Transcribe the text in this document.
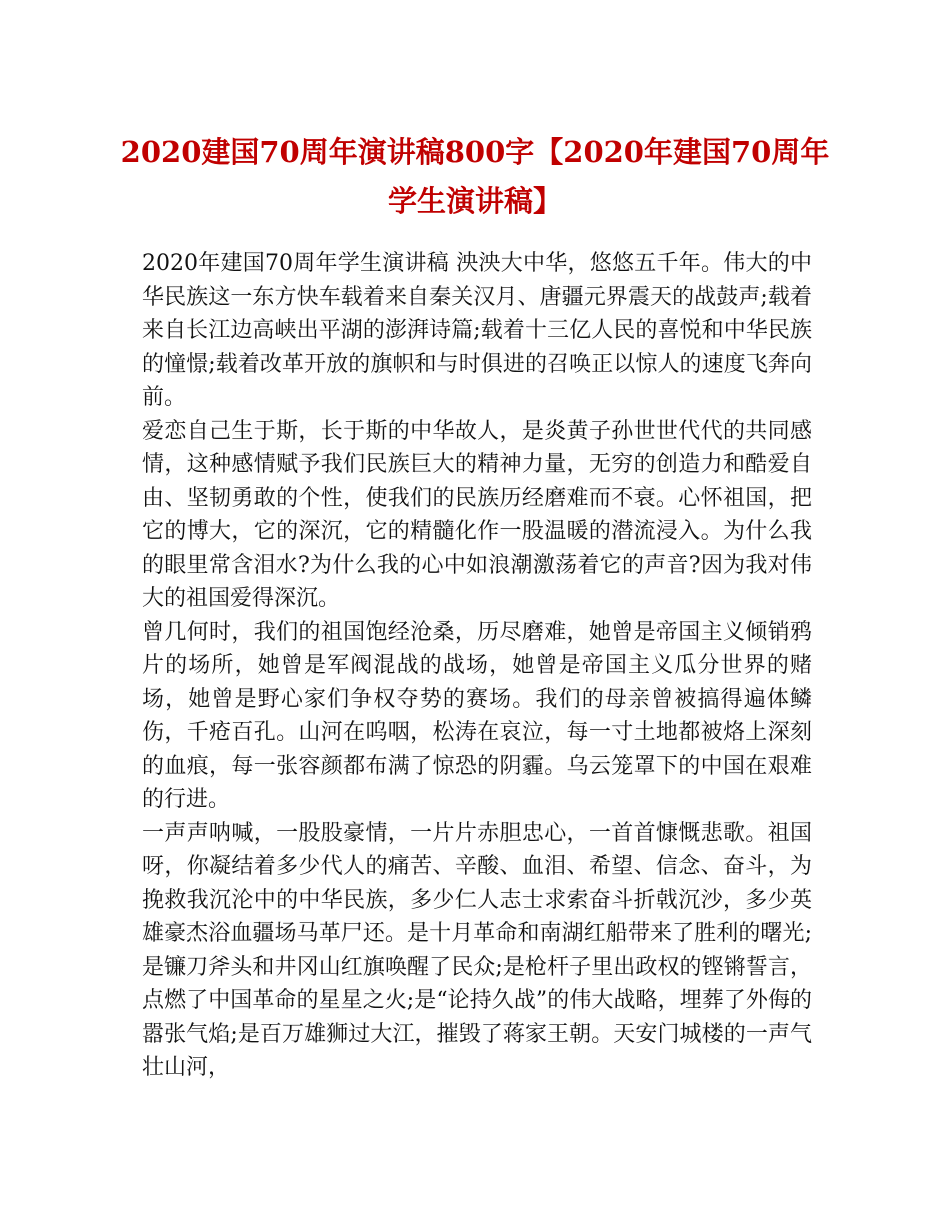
2020建国70周年演讲稿800字【2020年建国70周年学生演讲稿】

2020年建国70周年学生演讲稿 泱泱大中华，悠悠五千年。伟大的中华民族这一东方快车载着来自秦关汉月、唐疆元界震天的战鼓声;载着来自长江边高峡出平湖的澎湃诗篇;载着十三亿人民的喜悦和中华民族的憧憬;载着改革开放的旗帜和与时俱进的召唤正以惊人的速度飞奔向前。

爱恋自己生于斯，长于斯的中华故人，是炎黄子孙世世代代的共同感情，这种感情赋予我们民族巨大的精神力量，无穷的创造力和酷爱自由、坚韧勇敢的个性，使我们的民族历经磨难而不衰。心怀祖国，把它的博大，它的深沉，它的精髓化作一股温暖的潜流浸入。为什么我的眼里常含泪水?为什么我的心中如浪潮激荡着它的声音?因为我对伟大的祖国爱得深沉。

曾几何时，我们的祖国饱经沧桑，历尽磨难，她曾是帝国主义倾销鸦片的场所，她曾是军阀混战的战场，她曾是帝国主义瓜分世界的赌场，她曾是野心家们争权夺势的赛场。我们的母亲曾被搞得遍体鳞伤，千疮百孔。山河在呜咽，松涛在哀泣，每一寸土地都被烙上深刻的血痕，每一张容颜都布满了惊恐的阴霾。乌云笼罩下的中国在艰难的行进。

一声声呐喊，一股股豪情，一片片赤胆忠心，一首首慷慨悲歌。祖国呀，你凝结着多少代人的痛苦、辛酸、血泪、希望、信念、奋斗，为挽救我沉沦中的中华民族，多少仁人志士求索奋斗折戟沉沙，多少英雄豪杰浴血疆场马革尸还。是十月革命和南湖红船带来了胜利的曙光;是镰刀斧头和井冈山红旗唤醒了民众;是枪杆子里出政权的铿锵誓言，点燃了中国革命的星星之火;是“论持久战”的伟大战略，埋葬了外侮的嚣张气焰;是百万雄狮过大江，摧毁了蒋家王朝。天安门城楼的一声气壮山河，
